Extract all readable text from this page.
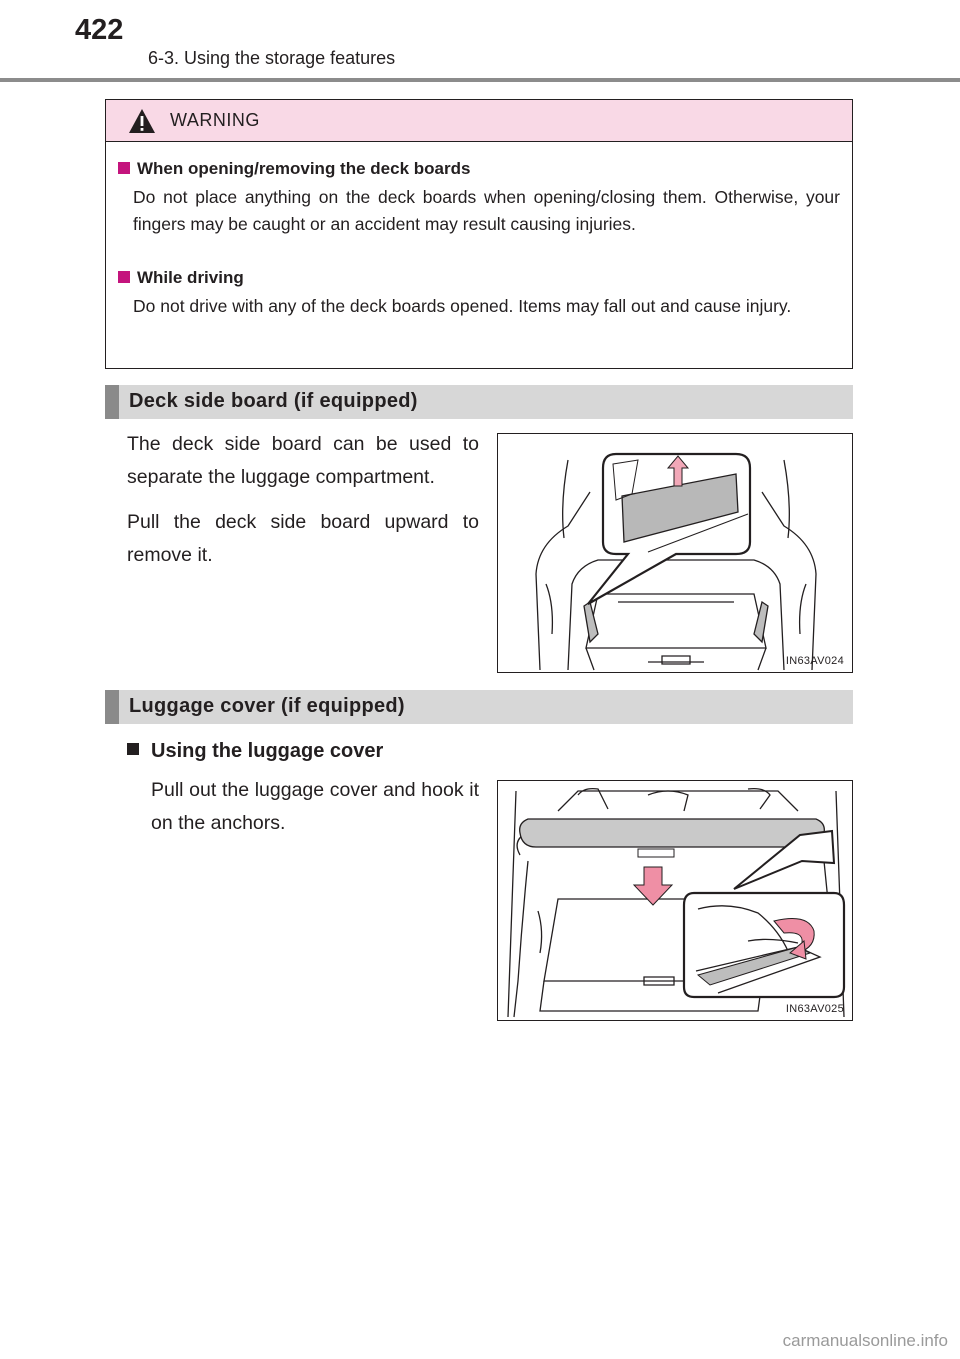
422
6-3. Using the storage features
WARNING
When opening/removing the deck boards
Do not place anything on the deck boards when opening/closing them. Otherwise, your fingers may be caught or an accident may result causing injuries.
While driving
Do not drive with any of the deck boards opened. Items may fall out and cause injury.
Deck side board (if equipped)
The deck side board can be used to separate the luggage compartment.
Pull the deck side board upward to remove it.
IN63AV024
Luggage cover (if equipped)
Using the luggage cover
Pull out the luggage cover and hook it on the anchors.
IN63AV025
carmanualsonline.info
